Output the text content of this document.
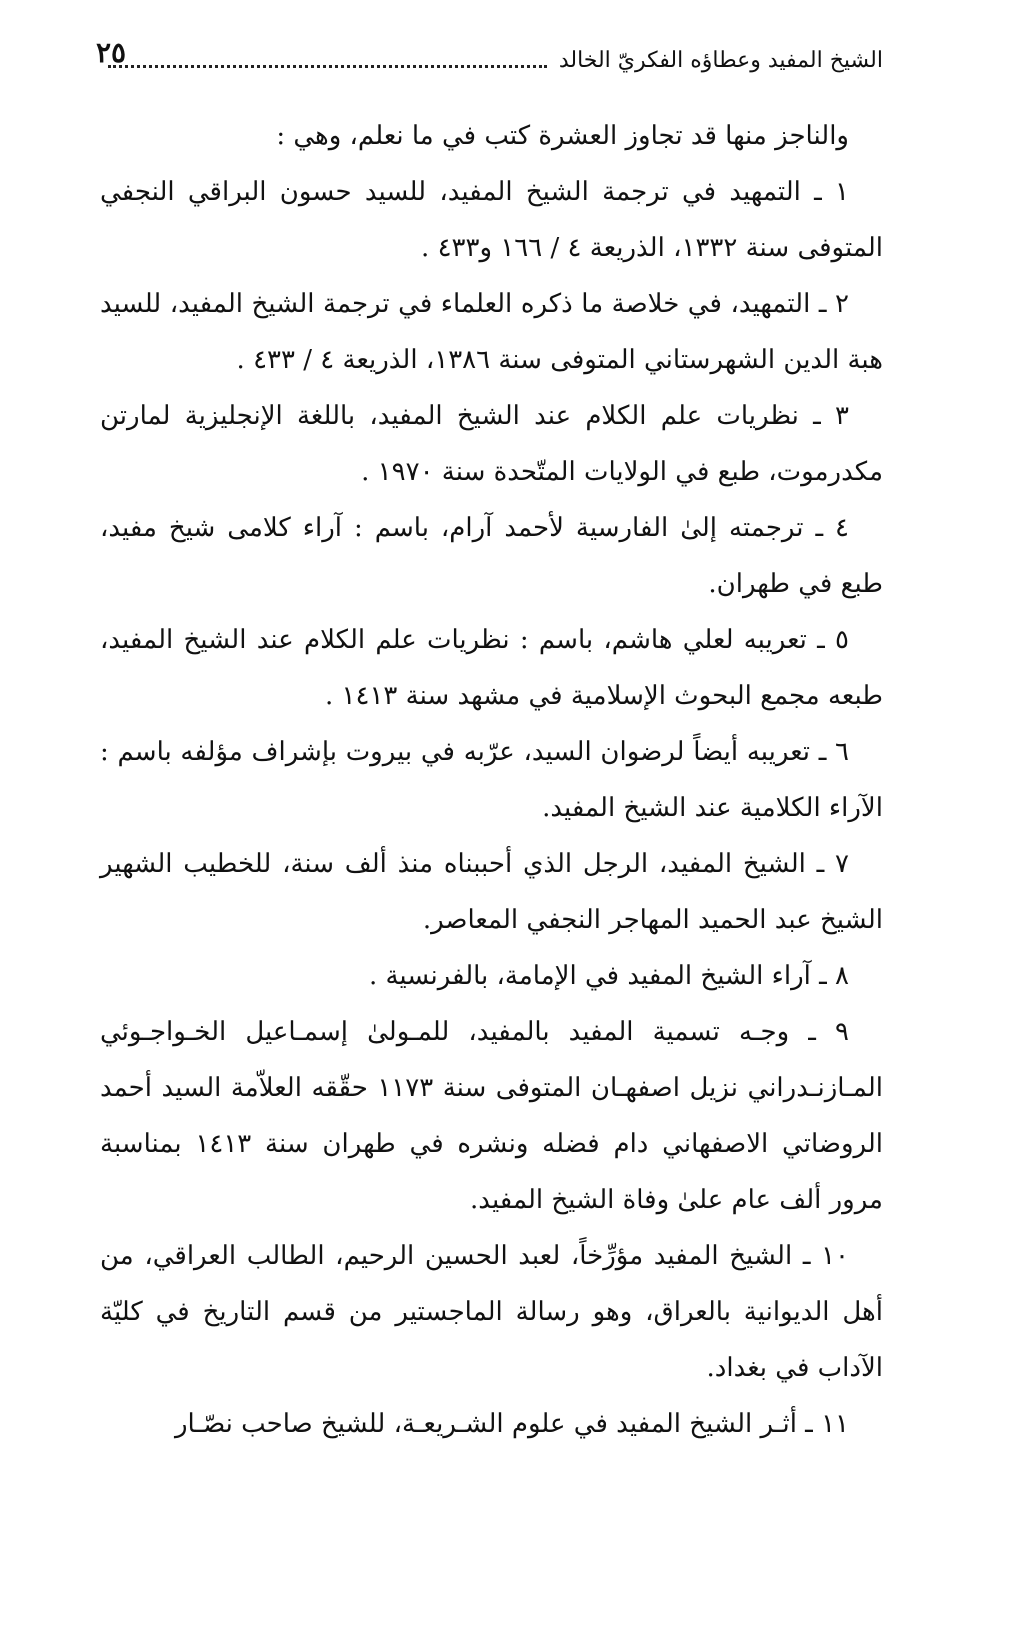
٢٥	الشيخ المفيد وعطاؤه الفكريّ الخالد

والناجز منها قد تجاوز العشرة كتب في ما نعلم، وهي :

١ ـ التمهيد في ترجمة الشيخ المفيد، للسيد حسون البراقي النجفي المتوفى سنة ١٣٣٢، الذريعة ٤ / ١٦٦ و٤٣٣ .

٢ ـ التمهيد، في خلاصة ما ذكره العلماء في ترجمة الشيخ المفيد، للسيد هبة الدين الشهرستاني المتوفى سنة ١٣٨٦، الذريعة ٤ / ٤٣٣ .

٣ ـ نظريات علم الكلام عند الشيخ المفيد، باللغة الإنجليزية لمارتن مكدرموت، طبع في الولايات المتّحدة سنة ١٩٧٠ .

٤ ـ ترجمته إلىٰ الفارسية لأحمد آرام، باسم : آراء كلامى شيخ مفيد، طبع في طهران.

٥ ـ تعريبه لعلي هاشم، باسم : نظريات علم الكلام عند الشيخ المفيد، طبعه مجمع البحوث الإسلامية في مشهد سنة ١٤١٣ .

٦ ـ تعريبه أيضاً لرضوان السيد، عرّبه في بيروت بإشراف مؤلفه باسم : الآراء الكلامية عند الشيخ المفيد.

٧ ـ الشيخ المفيد، الرجل الذي أحببناه منذ ألف سنة، للخطيب الشهير الشيخ عبد الحميد المهاجر النجفي المعاصر.

٨ ـ آراء الشيخ المفيد في الإمامة، بالفرنسية .

٩ ـ وجـه تسمية المفيد بالمفيد، للمـولىٰ إسمـاعيل الخـواجـوئي المـازنـدراني نزيل اصفهـان المتوفى سنة ١١٧٣ حقّقه العلاّمة السيد أحمد الروضاتي الاصفهاني دام فضله ونشره في طهران سنة ١٤١٣ بمناسبة مرور ألف عام علىٰ وفاة الشيخ المفيد.

١٠ ـ الشيخ المفيد مؤرِّخاً، لعبد الحسين الرحيم، الطالب العراقي، من أهل الديوانية بالعراق، وهو رسالة الماجستير من قسم التاريخ في كليّة الآداب في بغداد.

١١ ـ أثـر الشيخ المفيد في علوم الشـريعـة، للشيخ صاحب نصّـار
